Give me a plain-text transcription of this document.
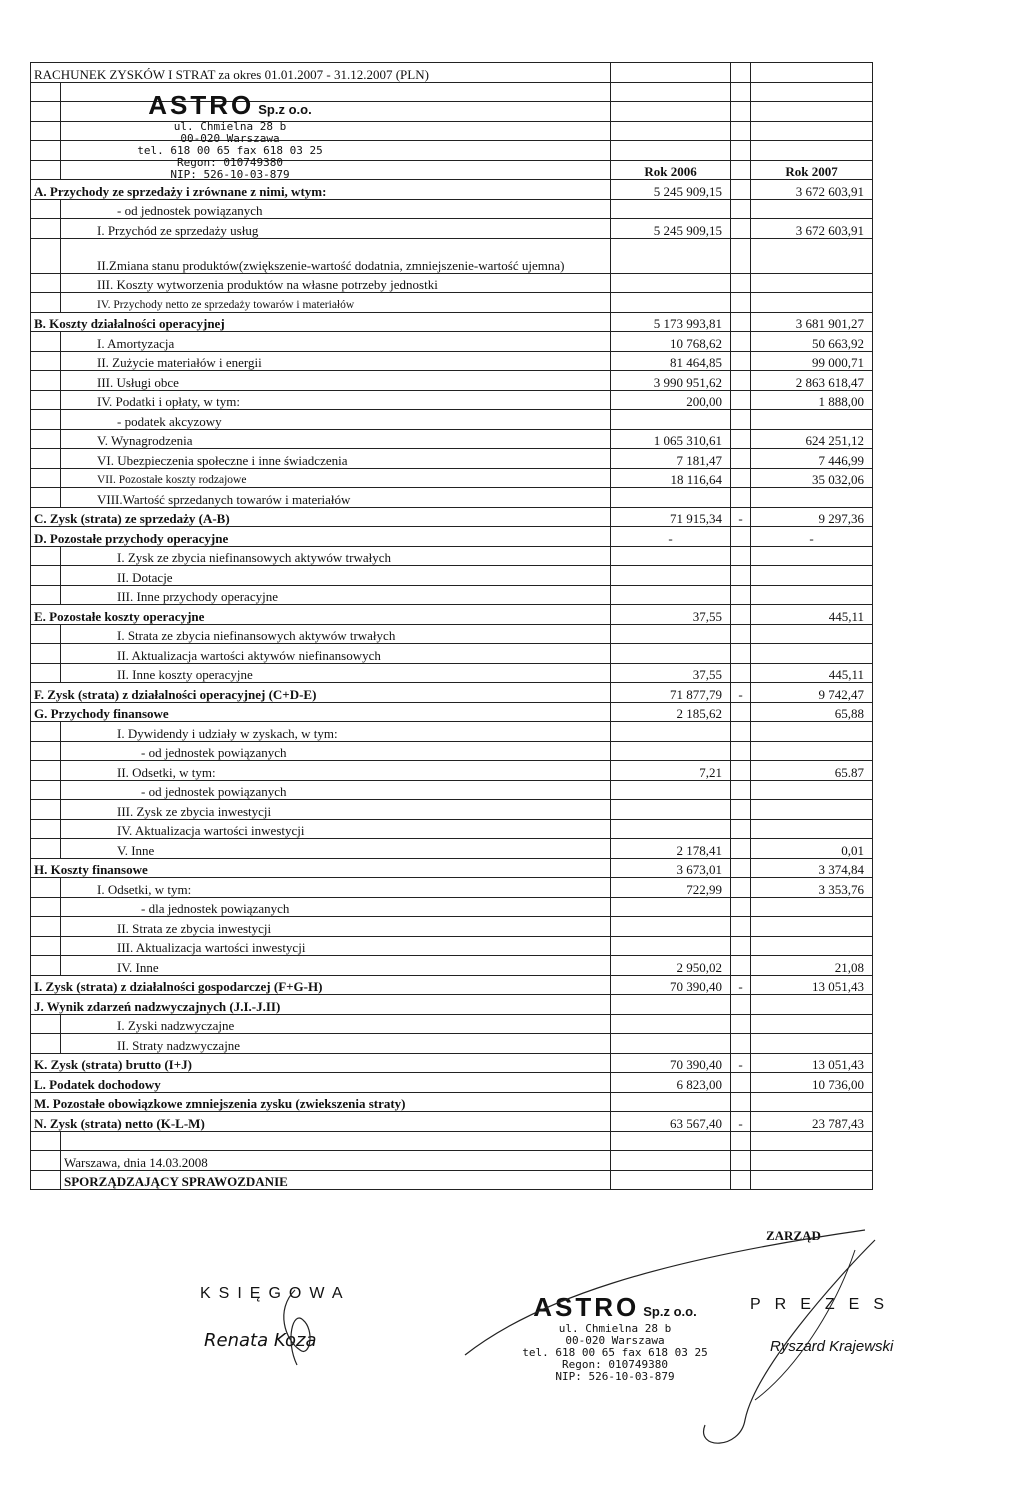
RACHUNEK ZYSKÓW I STRAT za okres 01.01.2007 - 31.12.2007 (PLN)				

		Rok 2006		Rok 2007
A. Przychody ze sprzedaży i zrównane z nimi, wtym:		5 245 909,15		3 672 603,91
	- od jednostek powiązanych			
	I. Przychód ze sprzedaży usług	5 245 909,15		3 672 603,91
	II.Zmiana stanu produktów(zwiększenie-wartość dodatnia, zmniejszenie-wartość ujemna)			
	III. Koszty wytworzenia produktów na własne potrzeby jednostki			
	IV. Przychody netto ze sprzedaży towarów i materiałów			
B. Koszty działalności operacyjnej		5 173 993,81		3 681 901,27
	I. Amortyzacja	10 768,62		50 663,92
	II. Zużycie materiałów i energii	81 464,85		99 000,71
	III. Usługi obce	3 990 951,62		2 863 618,47
	IV. Podatki i opłaty, w tym:	200,00		1 888,00
	- podatek akcyzowy			
	V. Wynagrodzenia	1 065 310,61		624 251,12
	VI. Ubezpieczenia społeczne i inne świadczenia	7 181,47		7 446,99
	VII. Pozostałe koszty rodzajowe	18 116,64		35 032,06
	VIII.Wartość sprzedanych towarów i materiałów			
C. Zysk (strata) ze sprzedaży (A-B)		71 915,34	-	9 297,36
D. Pozostałe przychody operacyjne		-		-
	I. Zysk ze zbycia niefinansowych aktywów trwałych			
	II. Dotacje			
	III. Inne przychody operacyjne			
E. Pozostałe koszty operacyjne		37,55		445,11
	I. Strata ze zbycia niefinansowych aktywów trwałych			
	II. Aktualizacja wartości aktywów niefinansowych			
	II. Inne koszty operacyjne	37,55		445,11
F. Zysk (strata) z działalności operacyjnej (C+D-E)		71 877,79	-	9 742,47
G. Przychody finansowe		2 185,62		65,88
	I. Dywidendy i udziały w zyskach, w tym:			
	- od jednostek powiązanych			
	II. Odsetki, w tym:	7,21		65.87
	- od jednostek powiązanych			
	III. Zysk ze zbycia inwestycji			
	IV. Aktualizacja wartości inwestycji			
	V. Inne	2 178,41		0,01
H. Koszty finansowe		3 673,01		3 374,84
	I. Odsetki, w tym:	722,99		3 353,76
	- dla jednostek powiązanych			
	II. Strata ze zbycia inwestycji			
	III. Aktualizacja wartości inwestycji			
	IV. Inne	2 950,02		21,08
I. Zysk (strata) z działalności gospodarczej (F+G-H)		70 390,40	-	13 051,43
J. Wynik zdarzeń nadzwyczajnych (J.I.-J.II)				
	I. Zyski nadzwyczajne			
	II. Straty nadzwyczajne			
K. Zysk (strata) brutto (I+J)		70 390,40	-	13 051,43
L. Podatek dochodowy		6 823,00		10 736,00
M. Pozostałe obowiązkowe zmniejszenia zysku (zwiekszenia straty)				
N. Zysk (strata) netto (K-L-M)		63 567,40	-	23 787,43

	Warszawa, dnia 14.03.2008			
	SPORZĄDZAJĄCY SPRAWOZDANIE			
ASTRO Sp.z o.o.
ul. Chmielna 28 b
00-020 Warszawa
tel. 618 00 65 fax 618 03 25
Regon: 010749380
NIP: 526-10-03-879
ZARZĄD
KSIĘGOWA
Renata Koza
ASTRO Sp.z o.o.
ul. Chmielna 28 b
00-020 Warszawa
tel. 618 00 65 fax 618 03 25
Regon: 010749380
NIP: 526-10-03-879
PREZES
Ryszard Krajewski
